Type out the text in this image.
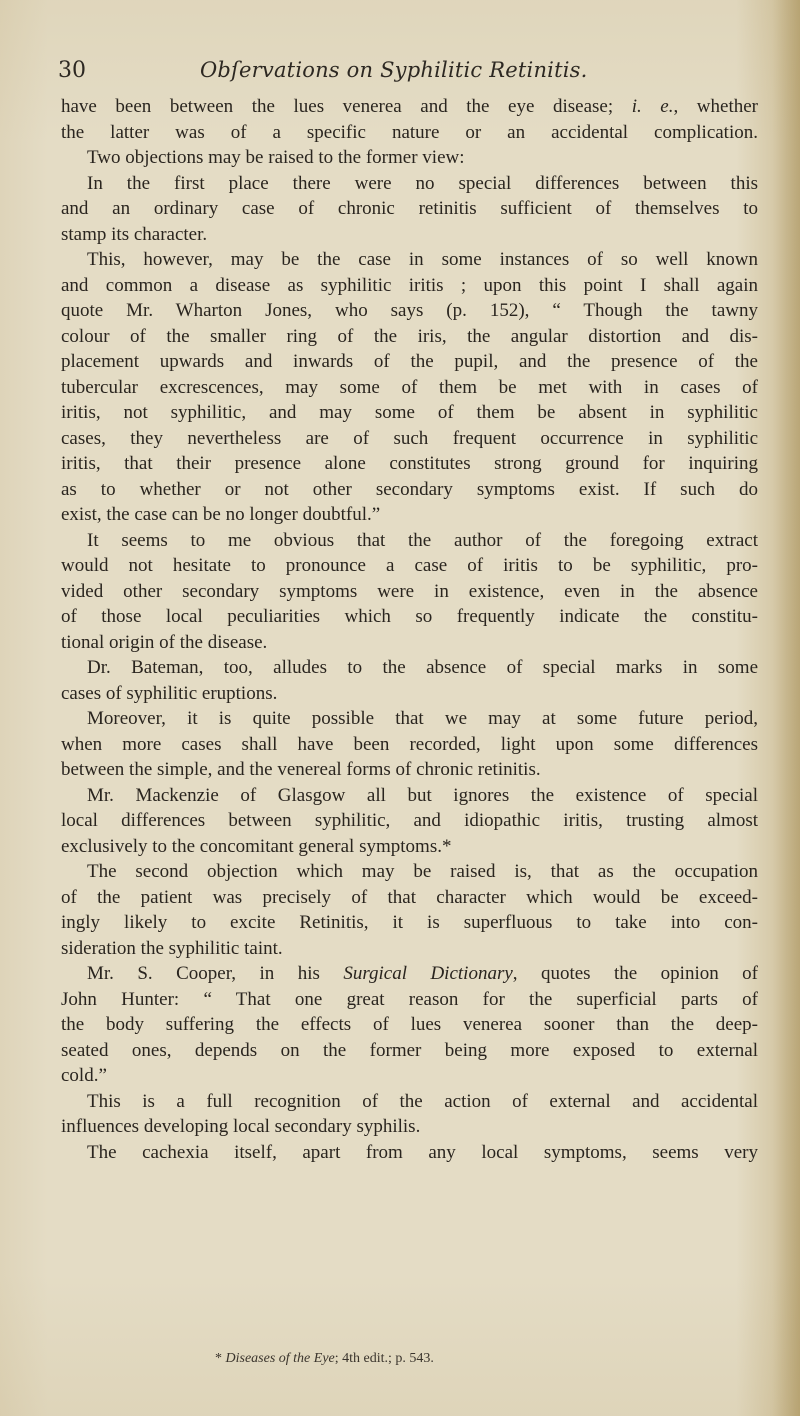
30	Obſervations on Syphilitic Retinitis.
have been between the lues venerea and the eye disease; i. e., whether
the latter was of a specific nature or an accidental complication.
Two objections may be raised to the former view:
In the first place there were no special differences between this
and an ordinary case of chronic retinitis sufficient of themselves to
stamp its character.
This, however, may be the case in some instances of so well known
and common a disease as syphilitic iritis ; upon this point I shall again
quote Mr. Wharton Jones, who says (p. 152), “ Though the tawny
colour of the smaller ring of the iris, the angular distortion and dis-
placement upwards and inwards of the pupil, and the presence of the
tubercular excrescences, may some of them be met with in cases of
iritis, not syphilitic, and may some of them be absent in syphilitic
cases, they nevertheless are of such frequent occurrence in syphilitic
iritis, that their presence alone constitutes strong ground for inquiring
as to whether or not other secondary symptoms exist. If such do
exist, the case can be no longer doubtful.”
It seems to me obvious that the author of the foregoing extract
would not hesitate to pronounce a case of iritis to be syphilitic, pro-
vided other secondary symptoms were in existence, even in the absence
of those local peculiarities which so frequently indicate the constitu-
tional origin of the disease.
Dr. Bateman, too, alludes to the absence of special marks in some
cases of syphilitic eruptions.
Moreover, it is quite possible that we may at some future period,
when more cases shall have been recorded, light upon some differences
between the simple, and the venereal forms of chronic retinitis.
Mr. Mackenzie of Glasgow all but ignores the existence of special
local differences between syphilitic, and idiopathic iritis, trusting almost
exclusively to the concomitant general symptoms.*
The second objection which may be raised is, that as the occupation
of the patient was precisely of that character which would be exceed-
ingly likely to excite Retinitis, it is superfluous to take into con-
sideration the syphilitic taint.
Mr. S. Cooper, in his Surgical Dictionary, quotes the opinion of
John Hunter: “ That one great reason for the superficial parts of
the body suffering the effects of lues venerea sooner than the deep-
seated ones, depends on the former being more exposed to external
cold.”
This is a full recognition of the action of external and accidental
influences developing local secondary syphilis.
The cachexia itself, apart from any local symptoms, seems very
* Diseases of the Eye; 4th edit.; p. 543.
